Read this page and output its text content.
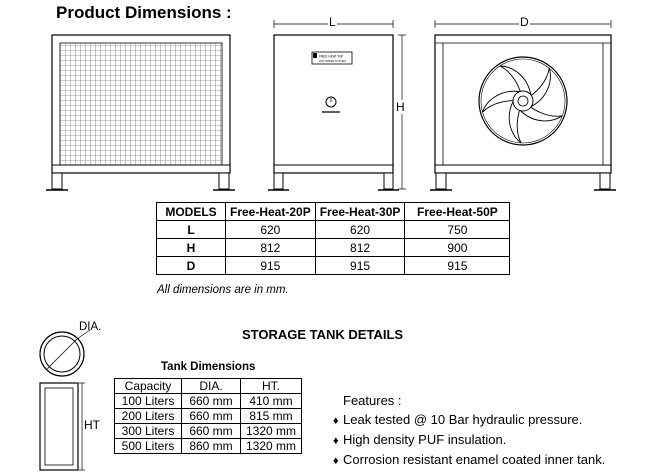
Product Dimensions :
FREE HEAT 20P
HOT WATER SYSTEM
L
H
D
DIA.
HT
MODELS	Free-Heat-20P	Free-Heat-30P	Free-Heat-50P
L	620	620	750
H	812	812	900
D	915	915	915
All dimensions are in mm.
STORAGE TANK DETAILS
Tank Dimensions
Capacity	DIA.	HT.
100 Liters	660 mm	410 mm
200 Liters	660 mm	815 mm
300 Liters	660 mm	1320 mm
500 Liters	860 mm	1320 mm
Features :
♦ Leak tested @ 10 Bar hydraulic pressure.
♦ High density PUF insulation.
♦ Corrosion resistant enamel coated inner tank.
